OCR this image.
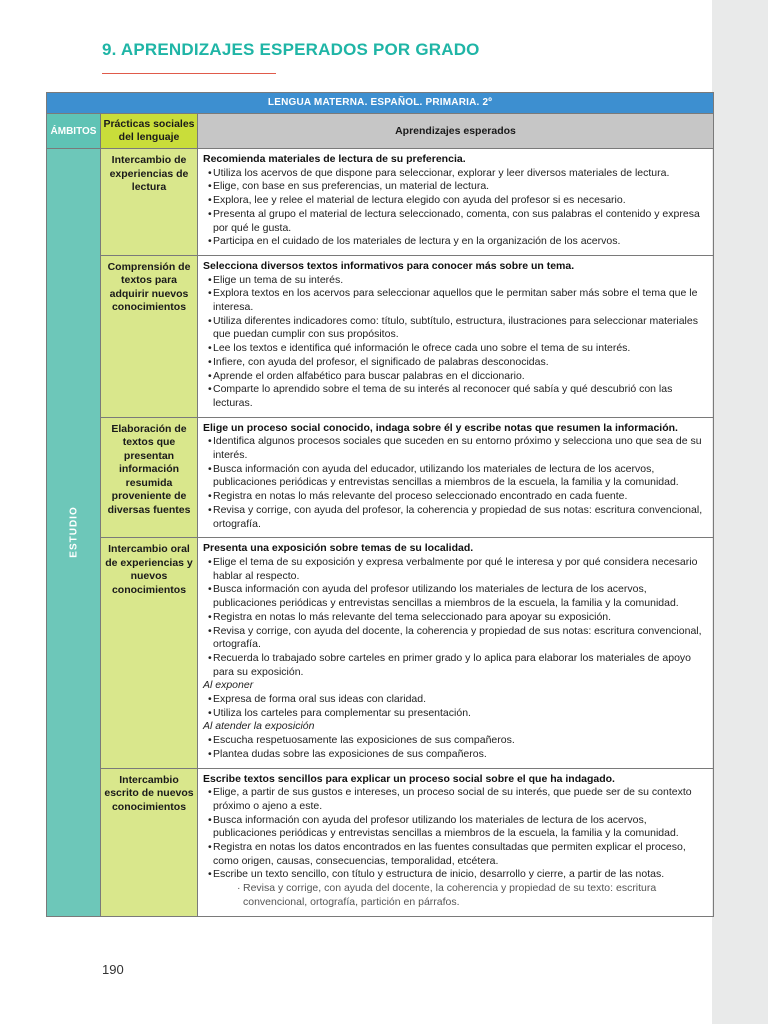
9. APRENDIZAJES ESPERADOS POR GRADO
LENGUA MATERNA. ESPAÑOL. PRIMARIA. 2º
ÁMBITOS
Prácticas sociales del lenguaje	Aprendizajes esperados
ESTUDIO
Intercambio de experiencias de lectura
Recomienda materiales de lectura de su preferencia.
• Utiliza los acervos de que dispone para seleccionar, explorar y leer diversos materiales de lectura.
• Elige, con base en sus preferencias, un material de lectura.
• Explora, lee y relee el material de lectura elegido con ayuda del profesor si es necesario.
• Presenta al grupo el material de lectura seleccionado, comenta, con sus palabras el contenido y expresa por qué le gusta.
• Participa en el cuidado de los materiales de lectura y en la organización de los acervos.
Comprensión de textos para adquirir nuevos conocimientos
Selecciona diversos textos informativos para conocer más sobre un tema.
• Elige un tema de su interés.
• Explora textos en los acervos para seleccionar aquellos que le permitan saber más sobre el tema que le interesa.
• Utiliza diferentes indicadores como: título, subtítulo, estructura, ilustraciones para seleccionar materiales que puedan cumplir con sus propósitos.
• Lee los textos e identifica qué información le ofrece cada uno sobre el tema de su interés.
• Infiere, con ayuda del profesor, el significado de palabras desconocidas.
• Aprende el orden alfabético para buscar palabras en el diccionario.
• Comparte lo aprendido sobre el tema de su interés al reconocer qué sabía y qué descubrió con las lecturas.
Elaboración de textos que presentan información resumida proveniente de diversas fuentes
Elige un proceso social conocido, indaga sobre él y escribe notas que resumen la información.
• Identifica algunos procesos sociales que suceden en su entorno próximo y selecciona uno que sea de su interés.
• Busca información con ayuda del educador, utilizando los materiales de lectura de los acervos, publicaciones periódicas y entrevistas sencillas a miembros de la escuela, la familia y la comunidad.
• Registra en notas lo más relevante del proceso seleccionado encontrado en cada fuente.
• Revisa y corrige, con ayuda del profesor, la coherencia y propiedad de sus notas: escritura convencional, ortografía.
Intercambio oral de experiencias y nuevos conocimientos
Presenta una exposición sobre temas de su localidad.
• Elige el tema de su exposición y expresa verbalmente por qué le interesa y por qué considera necesario hablar al respecto.
• Busca información con ayuda del profesor utilizando los materiales de lectura de los acervos, publicaciones periódicas y entrevistas sencillas a miembros de la escuela, la familia y la comunidad.
• Registra en notas lo más relevante del tema seleccionado para apoyar su exposición.
• Revisa y corrige, con ayuda del docente, la coherencia y propiedad de sus notas: escritura convencional, ortografía.
• Recuerda lo trabajado sobre carteles en primer grado y lo aplica para elaborar los materiales de apoyo para su exposición.
Al exponer
• Expresa de forma oral sus ideas con claridad.
• Utiliza los carteles para complementar su presentación.
Al atender la exposición
• Escucha respetuosamente las exposiciones de sus compañeros.
• Plantea dudas sobre las exposiciones de sus compañeros.
Intercambio escrito de nuevos conocimientos
Escribe textos sencillos para explicar un proceso social sobre el que ha indagado.
• Elige, a partir de sus gustos e intereses, un proceso social de su interés, que puede ser de su contexto próximo o ajeno a este.
• Busca información con ayuda del profesor utilizando los materiales de lectura de los acervos, publicaciones periódicas y entrevistas sencillas a miembros de la escuela, la familia y la comunidad.
• Registra en notas los datos encontrados en las fuentes consultadas que permiten explicar el proceso, como origen, causas, consecuencias, temporalidad, etcétera.
• Escribe un texto sencillo, con título y estructura de inicio, desarrollo y cierre, a partir de las notas.
· Revisa y corrige, con ayuda del docente, la coherencia y propiedad de su texto: escritura convencional, ortografía, partición en párrafos.
190
